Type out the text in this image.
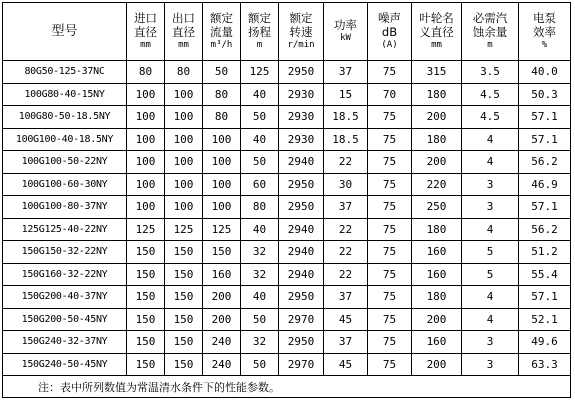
型号	进口
直径
mm	出口
直径
mm	额定
流量
m³/h	额定
扬程
m	额定
转速
r/min	功率
kW	噪声
dB
(A)	叶轮名
义直径
mm	必需汽
蚀余量
m	电泵
效率
%

80G50-125-37NC	80	80	50	125	2950	37	75	315	3.5	40.0
100G80-40-15NY	100	100	80	40	2930	15	70	180	4.5	50.3
100G80-50-18.5NY	100	100	80	50	2930	18.5	75	200	4.5	57.1
100G100-40-18.5NY	100	100	100	40	2930	18.5	75	180	4	57.1
100G100-50-22NY	100	100	100	50	2940	22	75	200	4	56.2
100G100-60-30NY	100	100	100	60	2950	30	75	220	3	46.9
100G100-80-37NY	100	100	100	80	2950	37	75	250	3	57.1
125G125-40-22NY	125	125	125	40	2940	22	75	180	4	56.2
150G150-32-22NY	150	150	150	32	2940	22	75	160	5	51.2
150G160-32-22NY	150	150	160	32	2940	22	75	160	5	55.4
150G200-40-37NY	150	150	200	40	2950	37	75	180	4	57.1
150G200-50-45NY	150	150	200	50	2970	45	75	200	4	52.1
150G240-32-37NY	150	150	240	32	2950	37	75	160	3	49.6
150G240-50-45NY	150	150	240	50	2970	45	75	200	3	63.3
注：表中所列数值为常温清水条件下的性能参数。										
